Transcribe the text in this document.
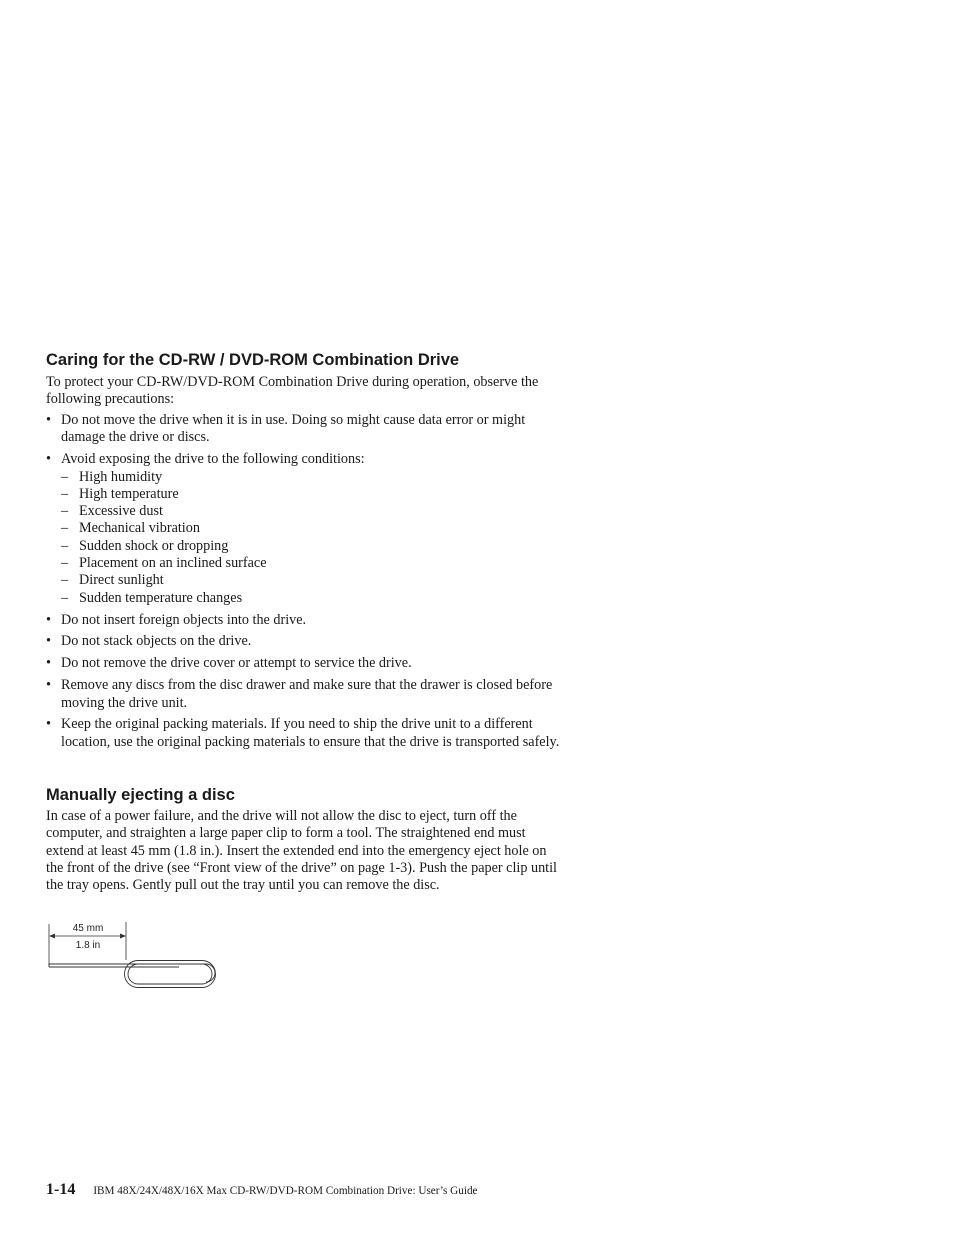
Caring for the CD-RW / DVD-ROM Combination Drive

To protect your CD-RW/DVD-ROM Combination Drive during operation, observe the following precautions:

• Do not move the drive when it is in use. Doing so might cause data error or might damage the drive or discs.
• Avoid exposing the drive to the following conditions:
– High humidity
– High temperature
– Excessive dust
– Mechanical vibration
– Sudden shock or dropping
– Placement on an inclined surface
– Direct sunlight
– Sudden temperature changes
• Do not insert foreign objects into the drive.
• Do not stack objects on the drive.
• Do not remove the drive cover or attempt to service the drive.
• Remove any discs from the disc drawer and make sure that the drawer is closed before moving the drive unit.
• Keep the original packing materials. If you need to ship the drive unit to a different location, use the original packing materials to ensure that the drive is transported safely.
Manually ejecting a disc

In case of a power failure, and the drive will not allow the disc to eject, turn off the computer, and straighten a large paper clip to form a tool. The straightened end must extend at least 45 mm (1.8 in.). Insert the extended end into the emergency eject hole on the front of the drive (see “Front view of the drive” on page 1-3). Push the paper clip until the tray opens. Gently pull out the tray until you can remove the disc.

45 mm
1.8 in
1-14 IBM 48X/24X/48X/16X Max CD-RW/DVD-ROM Combination Drive: User’s Guide
